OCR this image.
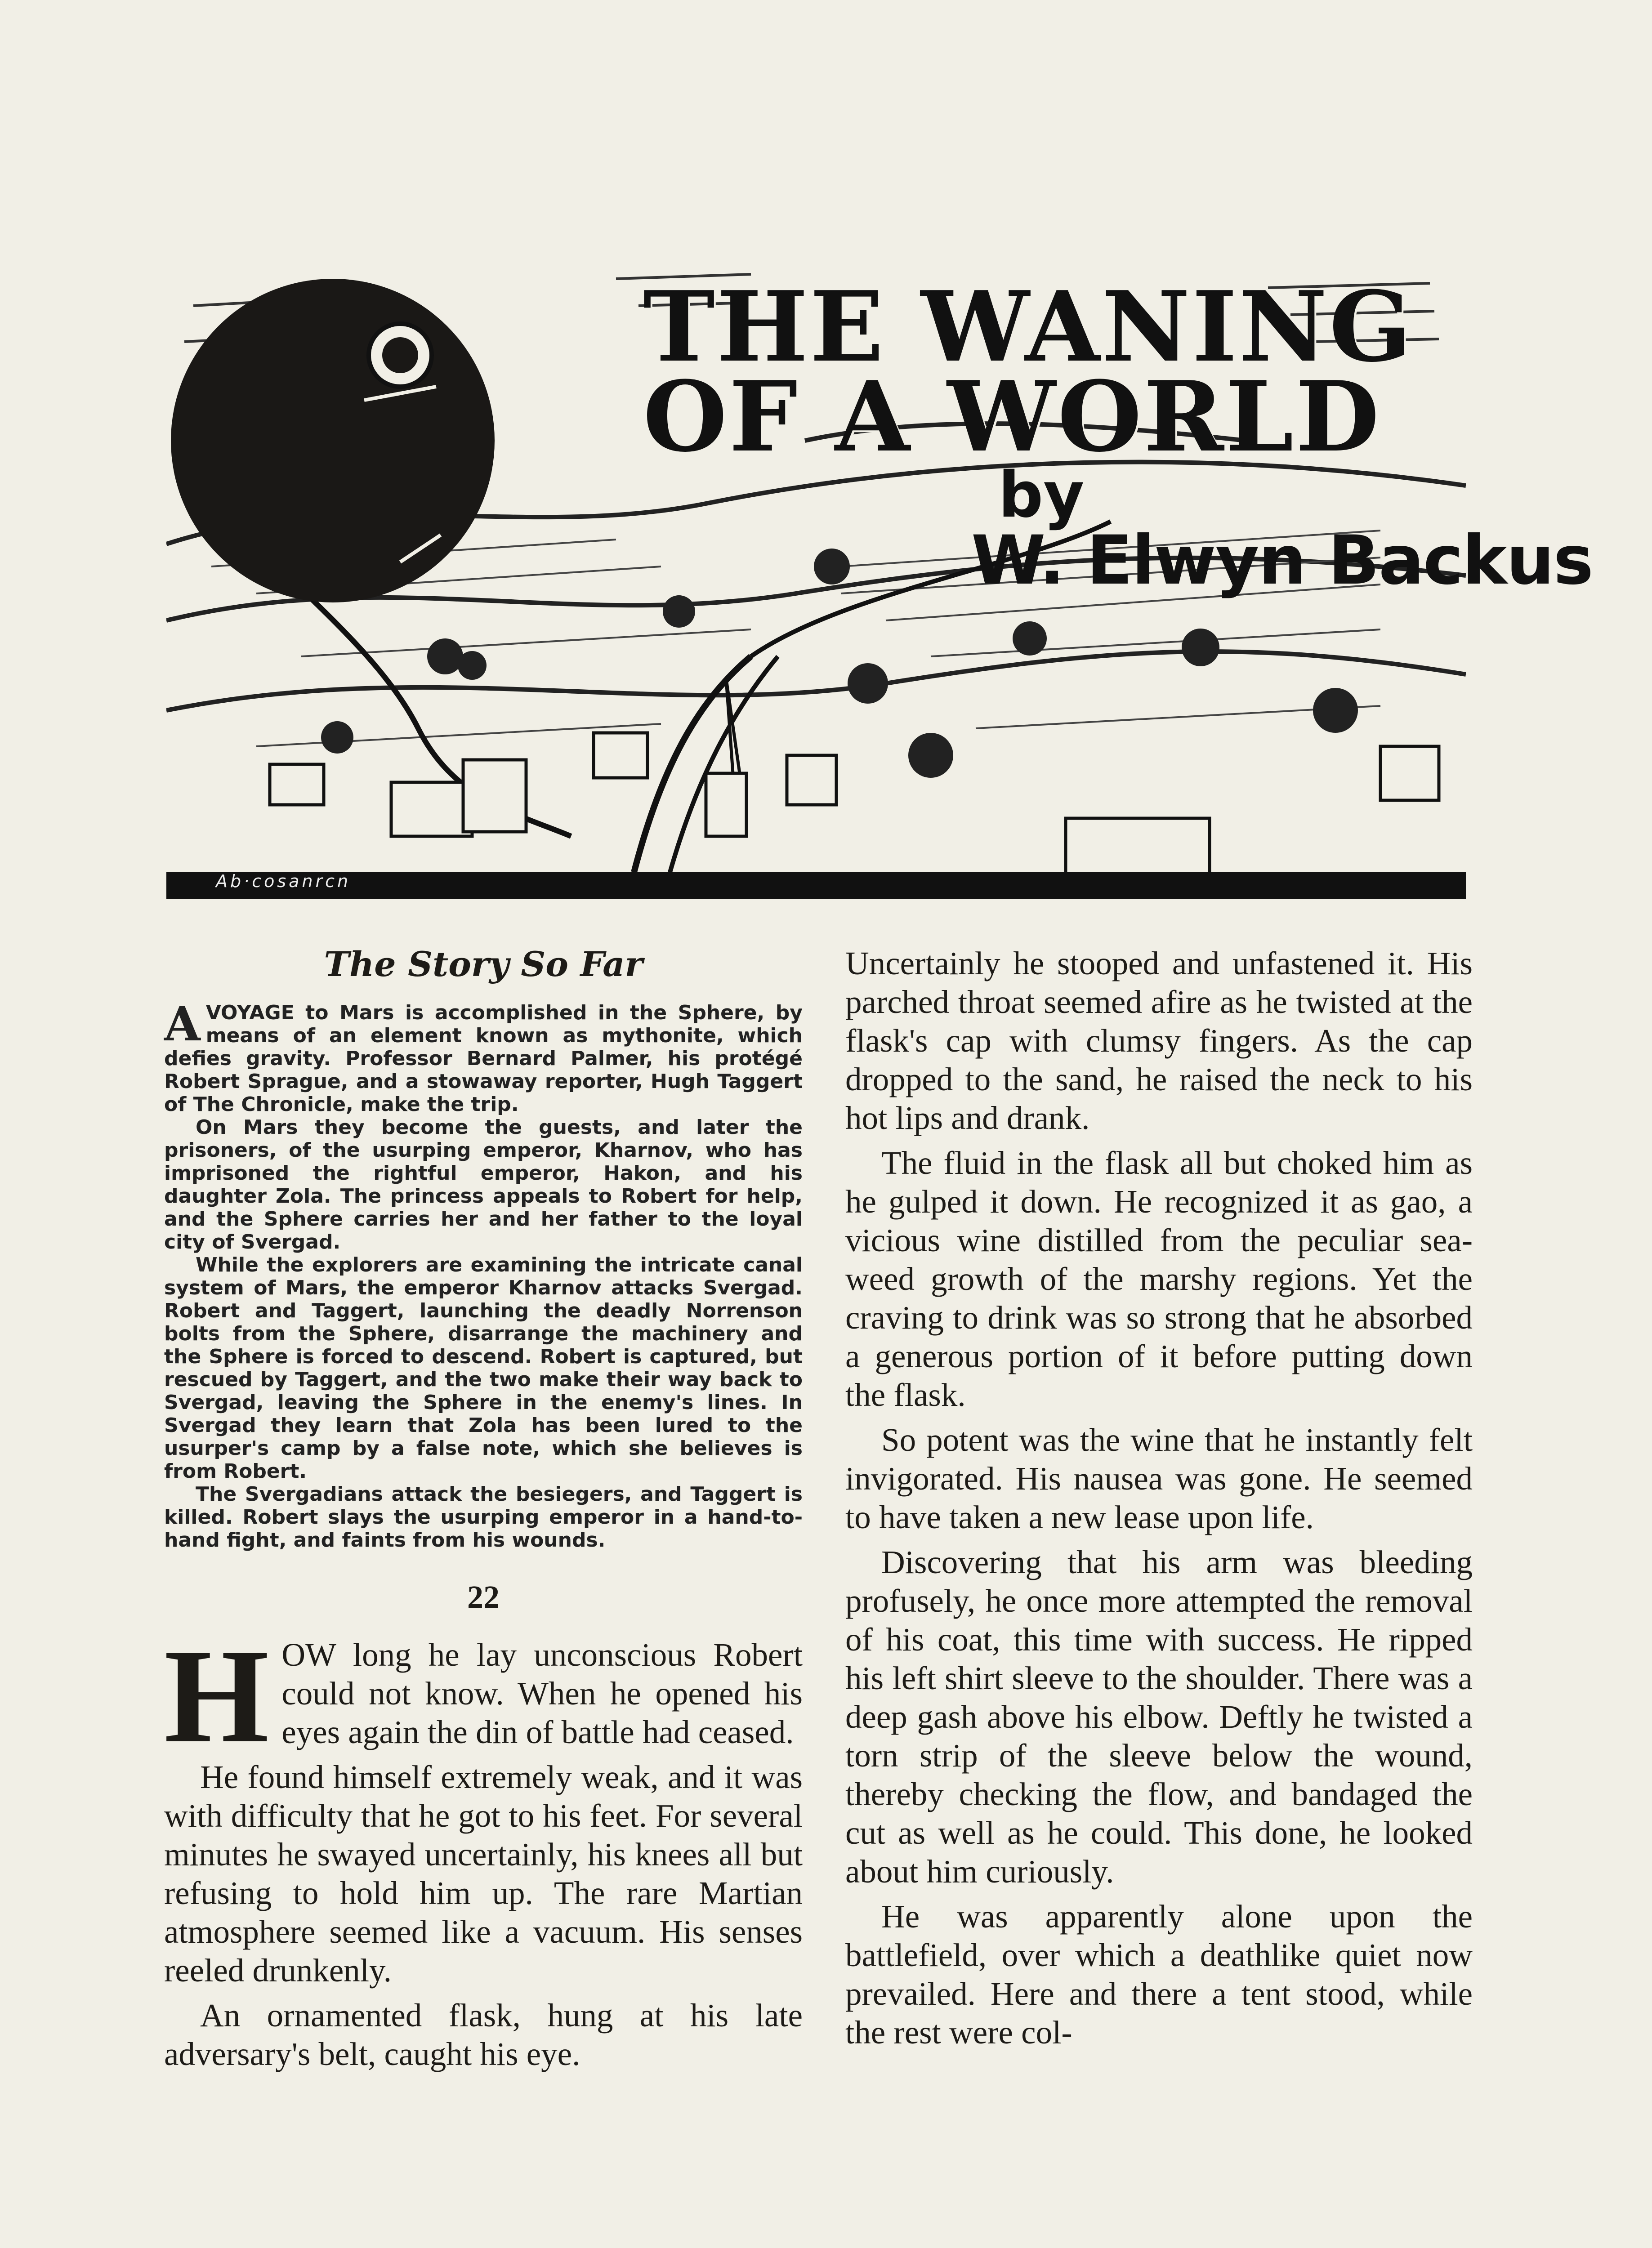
THE WANING
OF A WORLD
by
W. Elwyn Backus
Ab·cosanrcn
The Story So Far

AVOYAGE to Mars is accomplished in the Sphere, by means of an element known as mythonite, which defies gravity. Professor Bernard Palmer, his protégé Robert Sprague, and a stowaway reporter, Hugh Taggert of The Chronicle, make the trip.

On Mars they become the guests, and later the prisoners, of the usurping emperor, Kharnov, who has imprisoned the rightful emperor, Hakon, and his daughter Zola. The princess appeals to Robert for help, and the Sphere carries her and her father to the loyal city of Svergad.

While the explorers are examining the intricate canal system of Mars, the emperor Kharnov attacks Svergad. Robert and Taggert, launching the deadly Norrenson bolts from the Sphere, disarrange the machinery and the Sphere is forced to descend. Robert is captured, but rescued by Taggert, and the two make their way back to Svergad, leaving the Sphere in the enemy's lines. In Svergad they learn that Zola has been lured to the usurper's camp by a false note, which she believes is from Robert.

The Svergadians attack the besiegers, and Taggert is killed. Robert slays the usurping emperor in a hand-to-hand fight, and faints from his wounds.

22

HOW long he lay unconscious Robert could not know. When he opened his eyes again the din of battle had ceased.

He found himself extremely weak, and it was with difficulty that he got to his feet. For several minutes he swayed uncertainly, his knees all but refusing to hold him up. The rare Martian atmosphere seemed like a vacuum. His senses reeled drunkenly.

An ornamented flask, hung at his late adversary's belt, caught his eye.

Uncertainly he stooped and unfastened it. His parched throat seemed afire as he twisted at the flask's cap with clumsy fingers. As the cap dropped to the sand, he raised the neck to his hot lips and drank.

The fluid in the flask all but choked him as he gulped it down. He recognized it as gao, a vicious wine distilled from the peculiar sea-weed growth of the marshy regions. Yet the craving to drink was so strong that he absorbed a generous portion of it before putting down the flask.

So potent was the wine that he instantly felt invigorated. His nausea was gone. He seemed to have taken a new lease upon life.

Discovering that his arm was bleeding profusely, he once more attempted the removal of his coat, this time with success. He ripped his left shirt sleeve to the shoulder. There was a deep gash above his elbow. Deftly he twisted a torn strip of the sleeve below the wound, thereby checking the flow, and bandaged the cut as well as he could. This done, he looked about him curiously.

He was apparently alone upon the battlefield, over which a deathlike quiet now prevailed. Here and there a tent stood, while the rest were col-
